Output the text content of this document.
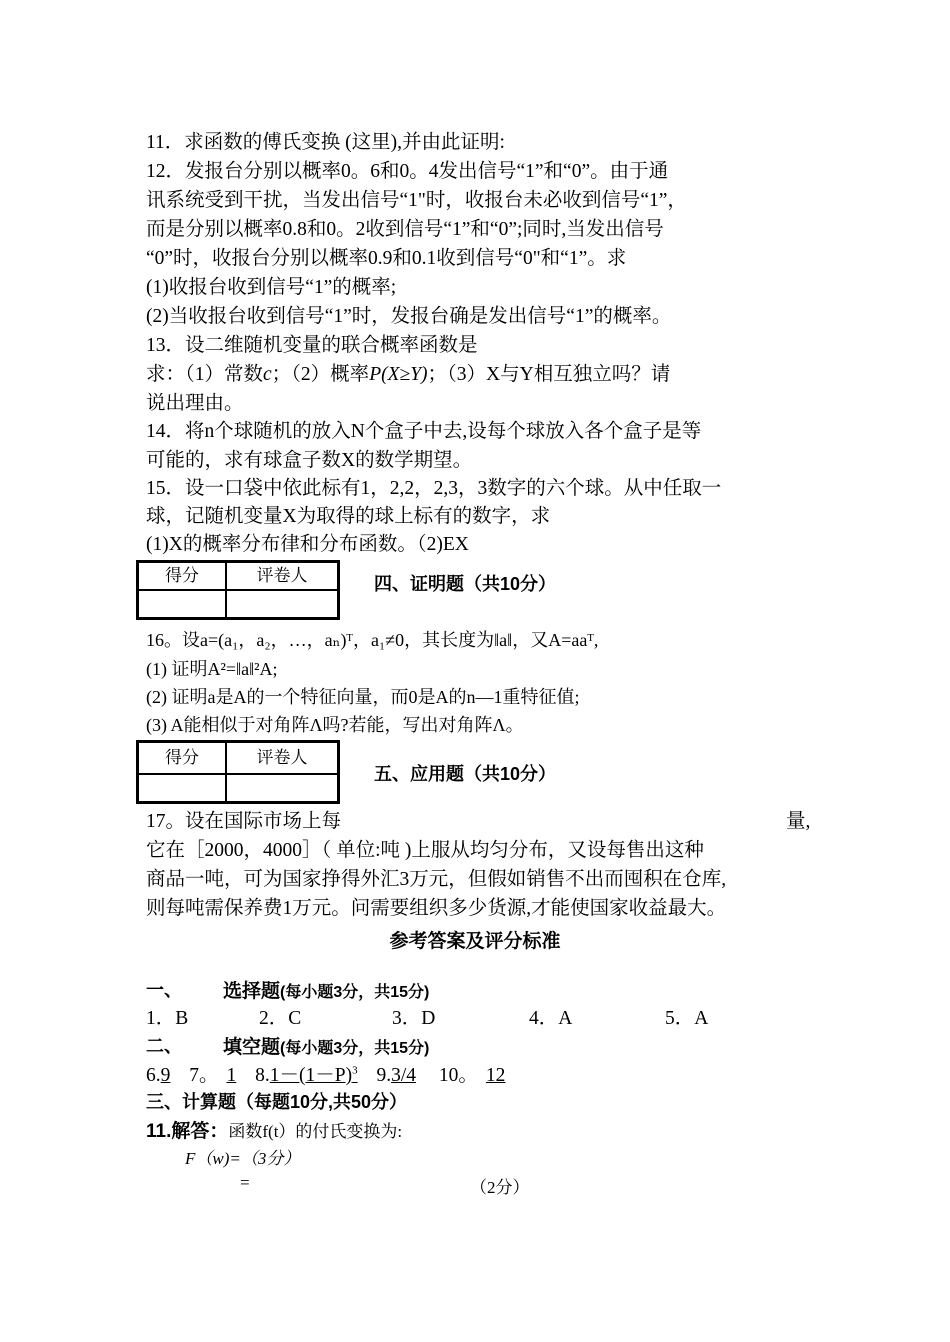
11．求函数的傅氏变换 (这里),并由此证明:
12．发报台分别以概率0。6和0。4发出信号“1”和“0”。由于通
讯系统受到干扰，当发出信号“1"时，收报台未必收到信号“1”，
而是分别以概率0.8和0。2收到信号“1”和“0”;同时,当发出信号
“0”时，收报台分别以概率0.9和0.1收到信号“0"和“1”。求
(1)收报台收到信号“1”的概率;
(2)当收报台收到信号“1”时，发报台确是发出信号“1”的概率。
13．设二维随机变量的联合概率函数是
求：（1）常数c；（2）概率P(X≥Y)；（3）X与Y相互独立吗？请
说出理由。
14．将n个球随机的放入N个盒子中去,设每个球放入各个盒子是等
可能的，求有球盒子数X的数学期望。
15．设一口袋中依此标有1，2,2，2,3，3数字的六个球。从中任取一
球，记随机变量X为取得的球上标有的数字，求
(1)X的概率分布律和分布函数。（2)EX
得分	评卷人	四、证明题（共10分）
16。设a=(a₁，a₂，…，aₙ)ᵀ，a₁≠0，其长度为‖a‖，又A=aaᵀ,
(1) 证明A²=‖a‖²A;
(2) 证明a是A的一个特征向量，而0是A的n—1重特征值;
(3) A能相似于对角阵Λ吗?若能，写出对角阵Λ。
得分	评卷人
五、应用题（共10分）
17。设在国际市场上每	量,
它在［2000，4000］（ 单位:吨 )上服从均匀分布，又设每售出这种
商品一吨，可为国家挣得外汇3万元，但假如销售不出而囤积在仓库,
则每吨需保养费1万元。问需要组织多少货源,才能使国家收益最大。
参考答案及评分标准
一、 选择题(每小题3分，共15分)
1．B	2．C	3．D	4．A	5．A
二、 填空题(每小题3分，共15分)
6.9 7。 1 $8.1-(1-P)^3$ 9.3/4 10。 12
三、计算题（每题10分,共50分）
11.解答：函数f(t）的付氏变换为:
F（w)=（3分）
=	（2分）
